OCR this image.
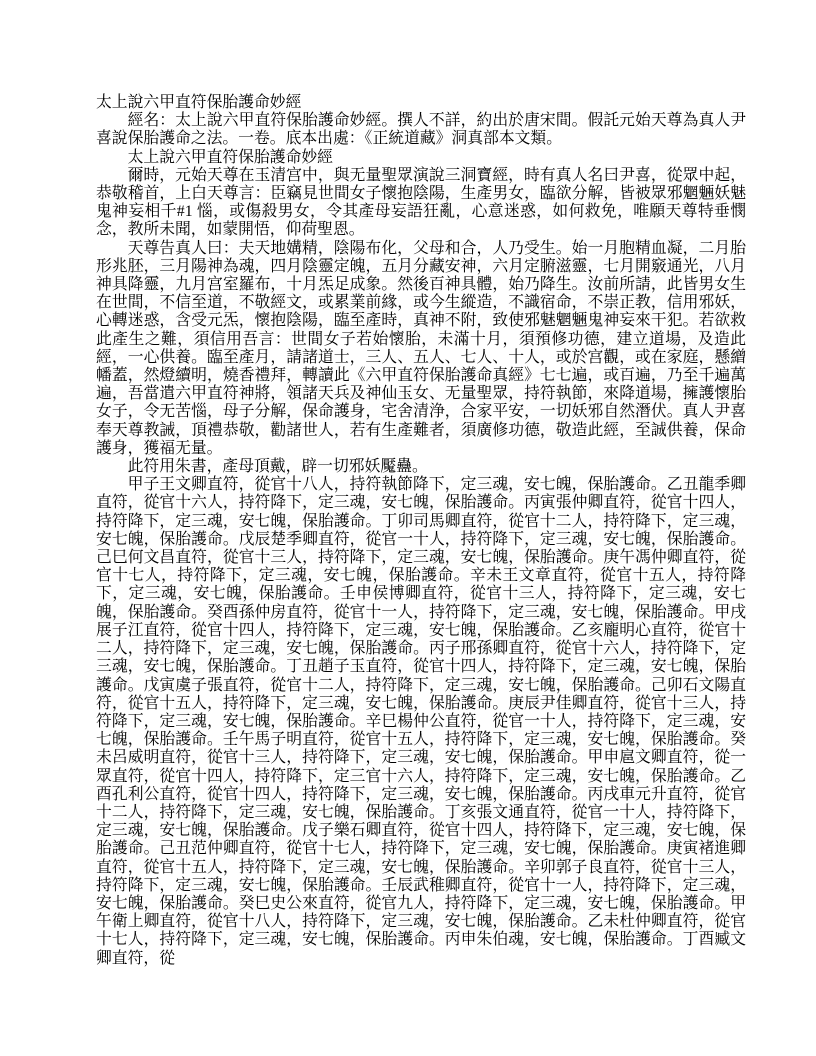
太上說六甲直符保胎護命妙經

經名：太上說六甲直符保胎護命妙經。撰人不詳，約出於唐宋間。假託元始天尊為真人尹喜說保胎護命之法。一卷。底本出處：《正統道藏》洞真部本文類。

太上說六甲直符保胎護命妙經

爾時，元始天尊在玉清宫中，與无量聖眾演說三洞寶經，時有真人名曰尹喜，從眾中起，恭敬稽首，上白天尊言：臣竊見世間女子懷抱陰陽，生產男女，臨欲分解，皆被眾邪魍魎妖魅鬼神妄相千#1 惱，或傷殺男女，令其產母妄語狂亂，心意迷惑，如何救免，唯願天尊特垂憫念，教所未聞，如蒙開悟，仰荷聖恩。

天尊告真人曰：夫天地媾精，陰陽布化，父母和合，人乃受生。始一月胞精血凝，二月胎形兆胚，三月陽神為魂，四月陰靈定魄，五月分藏安神，六月定腑滋靈，七月開竅通光，八月神具降靈，九月宫室羅布，十月炁足成象。然後百神具體，始乃降生。汝前所請，此皆男女生在世間，不信至道，不敬經文，或累業前緣，或今生縱造，不識宿命，不崇正教，信用邪妖，心轉迷惑，含受元炁，懷抱陰陽，臨至產時，真神不附，致使邪魅魍魎鬼神妄來干犯。若欲救此產生之難，須信用吾言：世間女子若始懷胎，未滿十月，須預修功德，建立道場，及造此經，一心供養。臨至產月，請諸道士，三人、五人、七人、十人，或於宫觀，或在家庭，懸繒幡蓋，然燈續明，燒香禮拜，轉讀此《六甲直符保胎護命真經》七七遍，或百遍，乃至千遍萬遍，吾當遣六甲直符神將，領諸天兵及神仙玉女、无量聖眾，持符執節，來降道場，擁護懷胎女子，令无苦惱，母子分解，保命護身，宅舍清浄，合家平安，一切妖邪自然潛伏。真人尹喜奉天尊教誡，頂禮恭敬，勸諸世人，若有生產難者，須廣修功德，敬造此經，至誠供養，保命護身，獲福无量。

此符用朱書，產母頂戴，辟一切邪妖魘蠱。

甲子王文卿直符，從官十八人，持符執節降下，定三魂，安七魄，保胎護命。乙丑龍季卿直符，從官十六人，持符降下，定三魂，安七魄，保胎護命。丙寅張仲卿直符，從官十四人，持符降下，定三魂，安七魄，保胎護命。丁卯司馬卿直符，從官十二人，持符降下，定三魂，安七魄，保胎護命。戊辰楚季卿直符，從官一十人，持符降下，定三魂，安七魄，保胎護命。己巳何文昌直符，從官十三人，持符降下，定三魂，安七魄，保胎護命。庚午馮仲卿直符，從官十七人，持符降下，定三魂，安七魄，保胎護命。辛未王文章直符，從官十五人，持符降下，定三魂，安七魄，保胎護命。壬申侯博卿直符，從官十三人，持符降下，定三魂，安七魄，保胎護命。癸酉孫仲房直符，從官十一人，持符降下，定三魂，安七魄，保胎護命。甲戌展子江直符，從官十四人，持符降下，定三魂，安七魄，保胎護命。乙亥龐明心直符，從官十二人，持符降下，定三魂，安七魄，保胎護命。丙子邢孫卿直符，從官十六人，持符降下，定三魂，安七魄，保胎護命。丁丑趙子玉直符，從官十四人，持符降下，定三魂，安七魄，保胎護命。戊寅虞子張直符，從官十二人，持符降下，定三魂，安七魄，保胎護命。己卯石文陽直符，從官十五人，持符降下，定三魂，安七魄，保胎護命。庚辰尹佳卿直符，從官十三人，持符降下，定三魂，安七魄，保胎護命。辛巳楊仲公直符，從官一十人，持符降下，定三魂，安七魄，保胎護命。壬午馬子明直符，從官十五人，持符降下，定三魂，安七魄，保胎護命。癸未呂威明直符，從官十三人，持符降下，定三魂，安七魄，保胎護命。甲申扈文卿直符，從一眾直符，從官十四人，持符降下，定三官十六人，持符降下，定三魂，安七魄，保胎護命。乙酉孔利公直符，從官十四人，持符降下，定三魂，安七魄，保胎護命。丙戌車元升直符，從官十二人，持符降下，定三魂，安七魄，保胎護命。丁亥張文通直符，從官一十人，持符降下，定三魂，安七魄，保胎護命。戊子樂石卿直符，從官十四人，持符降下，定三魂，安七魄，保胎護命。己丑范仲卿直符，從官十七人，持符降下，定三魂，安七魄，保胎護命。庚寅褚進卿直符，從官十五人，持符降下，定三魂，安七魄，保胎護命。辛卯郭子良直符，從官十三人，持符降下，定三魂，安七魄，保胎護命。壬辰武稚卿直符，從官十一人，持符降下，定三魂，安七魄，保胎護命。癸巳史公來直符，從官九人，持符降下，定三魂，安七魄，保胎護命。甲午衛上卿直符，從官十八人，持符降下，定三魂，安七魄，保胎護命。乙未杜仲卿直符，從官十七人，持符降下，定三魂，安七魄，保胎護命。丙申朱伯魂，安七魄，保胎護命。丁酉臧文卿直符，從
